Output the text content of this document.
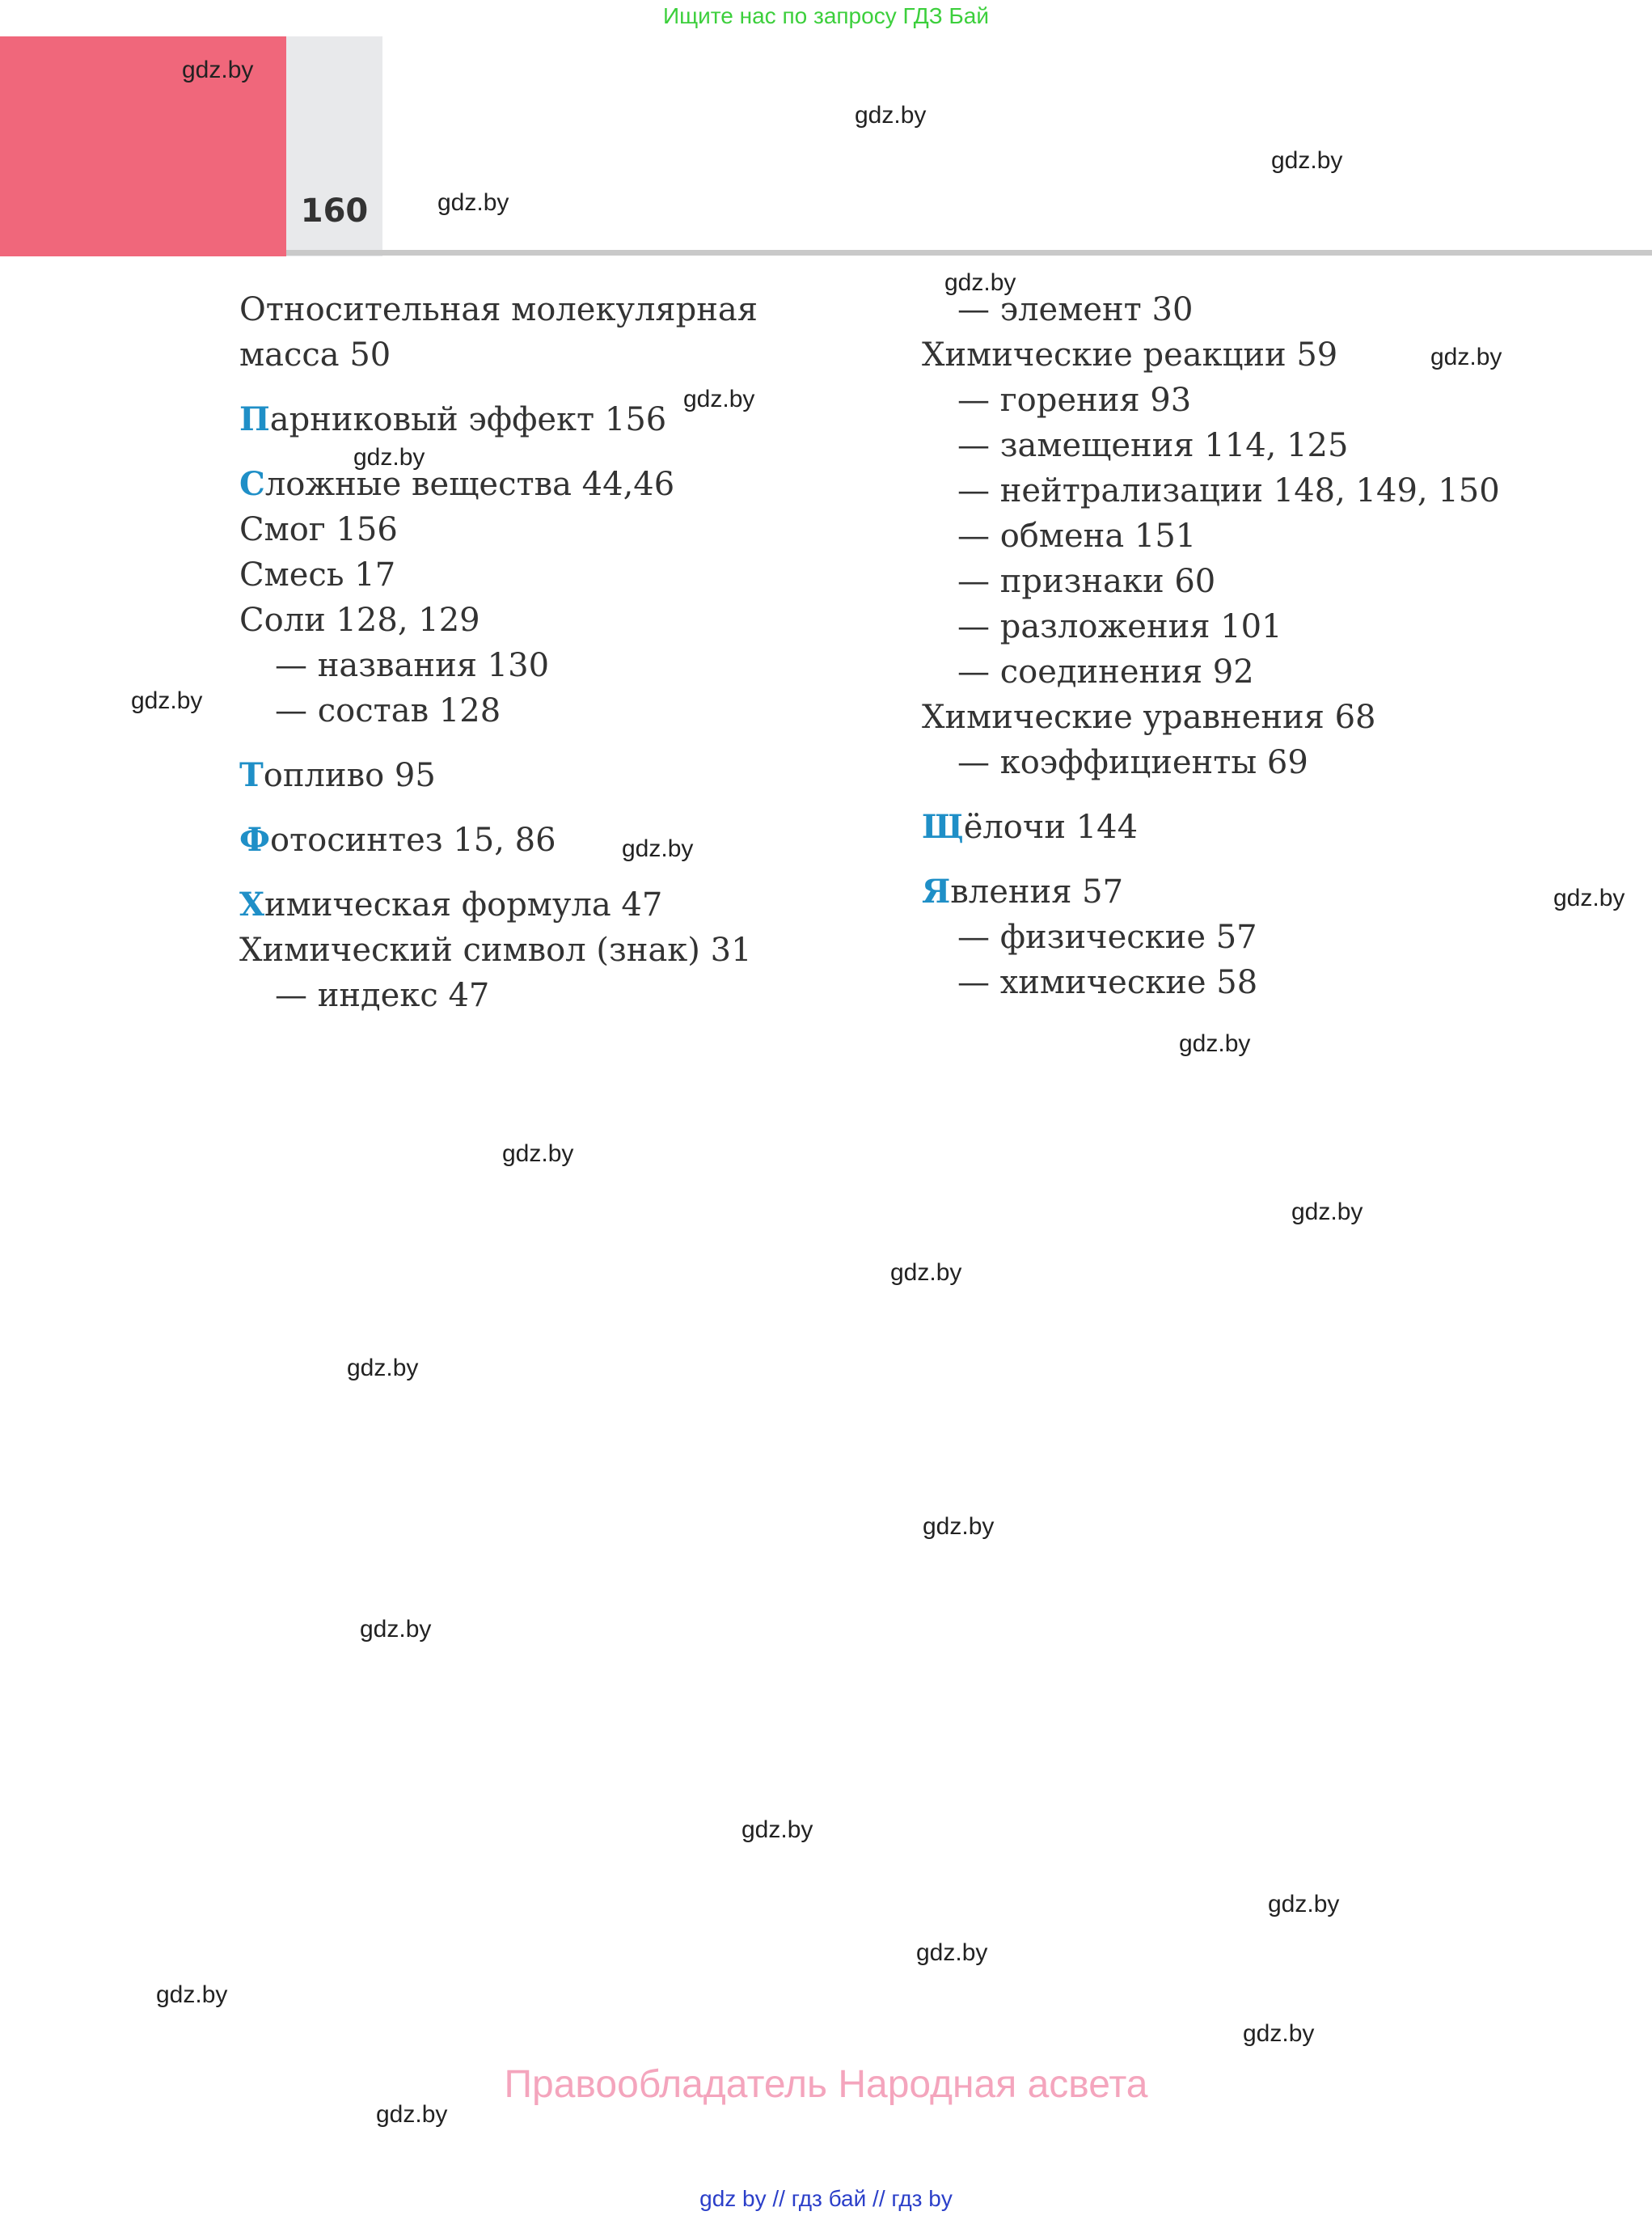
Ищите нас по запросу ГДЗ Бай
160
Относительная молекулярная
масса 50
Парниковый эффект 156
Сложные вещества 44,46
Смог 156
Смесь 17
Соли 128, 129
— названия 130
— состав 128
Топливо 95
Фотосинтез 15, 86
Химическая формула 47
Химический символ (знак) 31
— индекс 47
— элемент 30
Химические реакции 59
— горения 93
— замещения 114, 125
— нейтрализации 148, 149, 150
— обмена 151
— признаки 60
— разложения 101
— соединения 92
Химические уравнения 68
— коэффициенты 69
Щёлочи 144
Явления 57
— физические 57
— химические 58
gdz.by
gdz.by
gdz.by
gdz.by
gdz.by
gdz.by
gdz.by
gdz.by
gdz.by
gdz.by
gdz.by
gdz.by
gdz.by
gdz.by
gdz.by
gdz.by
gdz.by
gdz.by
gdz.by
gdz.by
gdz.by
gdz.by
gdz.by
gdz.by
Правообладатель Народная асвета
gdz by // гдз бай // гдз by
